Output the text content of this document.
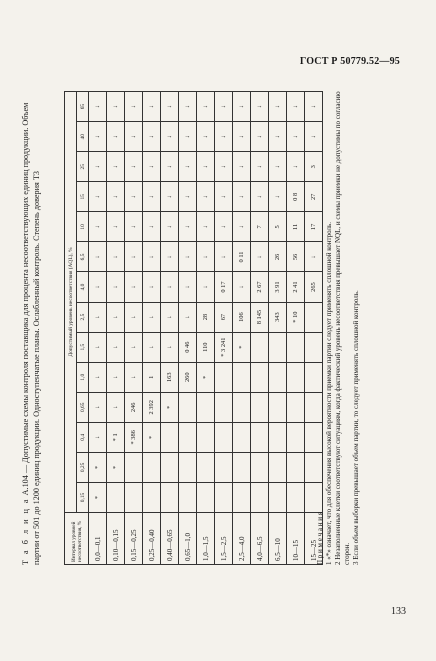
ГОСТ Р 50779.52—95
Т а б л и ц а А.104 — Допустимые схемы контроля поставщика для процента несоответствующих единиц продукции. Объем партии от 501 до 1200 единиц продукции. Одноступенчатые планы. Ослабленный контроль. Степень доверия Т3	Интервал уровней несоответствия, %	Допустимый уровень несоответствия (AQL), %													
	0,15	0,25	0,4	0,65	1,0	1,5	2,5	4,0	6,5	10	15	25	40	65
0,0—0,1	*	*	↓	↓	↓	↓	↓	↓	↓	↓	↓	↓	↓	↓
0,10—0,15		*	* 1	↓	↓	↓	↓	↓	↓	↓	↓	↓	↓	↓
0,15—0,25			* 386	246	↓	↓	↓	↓	↓	↓	↓	↓	↓	↓
0,25—0,40			*	2 392	1	↓	↓	↓	↓	↓	↓	↓	↓	↓
0,40—0,65				*	163	↓	↓	↓	↓	↓	↓	↓	↓	↓
0,65—1,0					260	0 46	↓	↓	↓	↓	↓	↓	↓	↓
1,0—1,5					*	110	28	↓	↓	↓	↓	↓	↓	↓
1,5—2,5						* 3 241	67	0 17	↓	↓	↓	↓	↓	↓
2,5—4,0						*	106	↓	0 11	↓	↓	↓	↓	↓
4,0—6,5							8 145	2 67	↓	7	↓	↓	↓	↓
6,5—10							343	3 91	26	5	↓	↓	↓	↓
10—15							* 10	2 41	56	11	0 8	↓	↓	↓
15—25								265	↓	17	27	3	↓	↓
П р и м е ч а н и я 1 «*» означает, что для обеспечения высокой вероятности приемки партии следует применять сплошной контроль. 2 Незаполненные клетки соответствуют ситуациям, когда фактический уровень несоответствия превышает NQL, и схемы приемки не допустимы по согласию сторон. 3 Если объем выборки превышает объем партии, то следует применять сплошной контроль.
133
